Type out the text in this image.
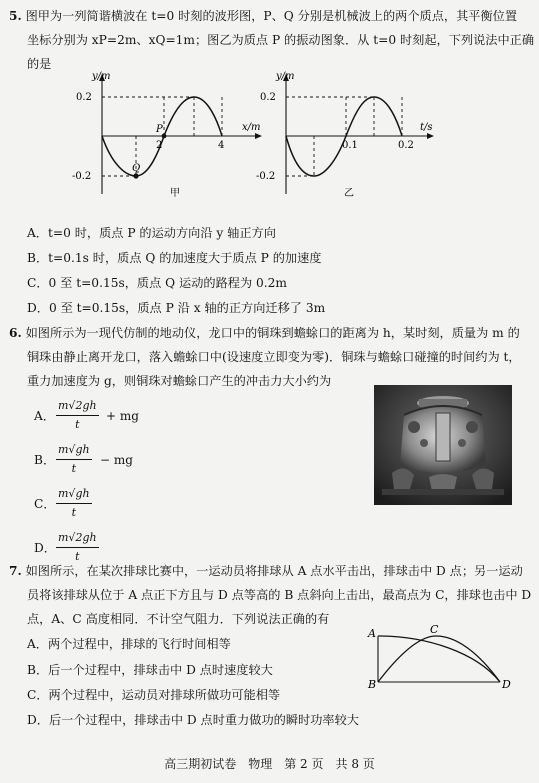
5. 图甲为一列简谐横波在 t=0 时刻的波形图，P、Q 分别是机械波上的两个质点，其平衡位置
坐标分别为 xP=2m、xQ=1m；图乙为质点 P 的振动图象．从 t=0 时刻起，下列说法中正确
的是
y/m
x/m
0.2
-0.2
2	4
P
Q
甲
y/m
t/s
0.2
-0.2
0.1	0.2
乙
A．t=0 时，质点 P 的运动方向沿 y 轴正方向
B．t=0.1s 时，质点 Q 的加速度大于质点 P 的加速度
C．0 至 t=0.15s，质点 Q 运动的路程为 0.2m
D．0 至 t=0.15s，质点 P 沿 x 轴的正方向迁移了 3m
6. 如图所示为一现代仿制的地动仪，龙口中的铜珠到蟾蜍口的距离为 h，某时刻，质量为 m 的
铜珠由静止离开龙口，落入蟾蜍口中(设速度立即变为零)．铜珠与蟾蜍口碰撞的时间约为 t，
重力加速度为 g，则铜珠对蟾蜍口产生的冲击力大小约为
A． $\frac{m√2gh}{t}$ + mg
B． $\frac{m√gh}{t}$ − mg
C． $\frac{m√gh}{t}$
D． $\frac{m√2gh}{t}$
7. 如图所示，在某次排球比赛中，一运动员将排球从 A 点水平击出，排球击中 D 点；另一运动
员将该排球从位于 A 点正下方且与 D 点等高的 B 点斜向上击出，最高点为 C，排球也击中 D
点，A、C 高度相同．不计空气阻力．下列说法正确的有
A．两个过程中，排球的飞行时间相等
B．后一个过程中，排球击中 D 点时速度较大
C．两个过程中，运动员对排球所做功可能相等
D．后一个过程中，排球击中 D 点时重力做功的瞬时功率较大
A	C
B	D
高三期初试卷　物理　第 2 页　共 8 页
